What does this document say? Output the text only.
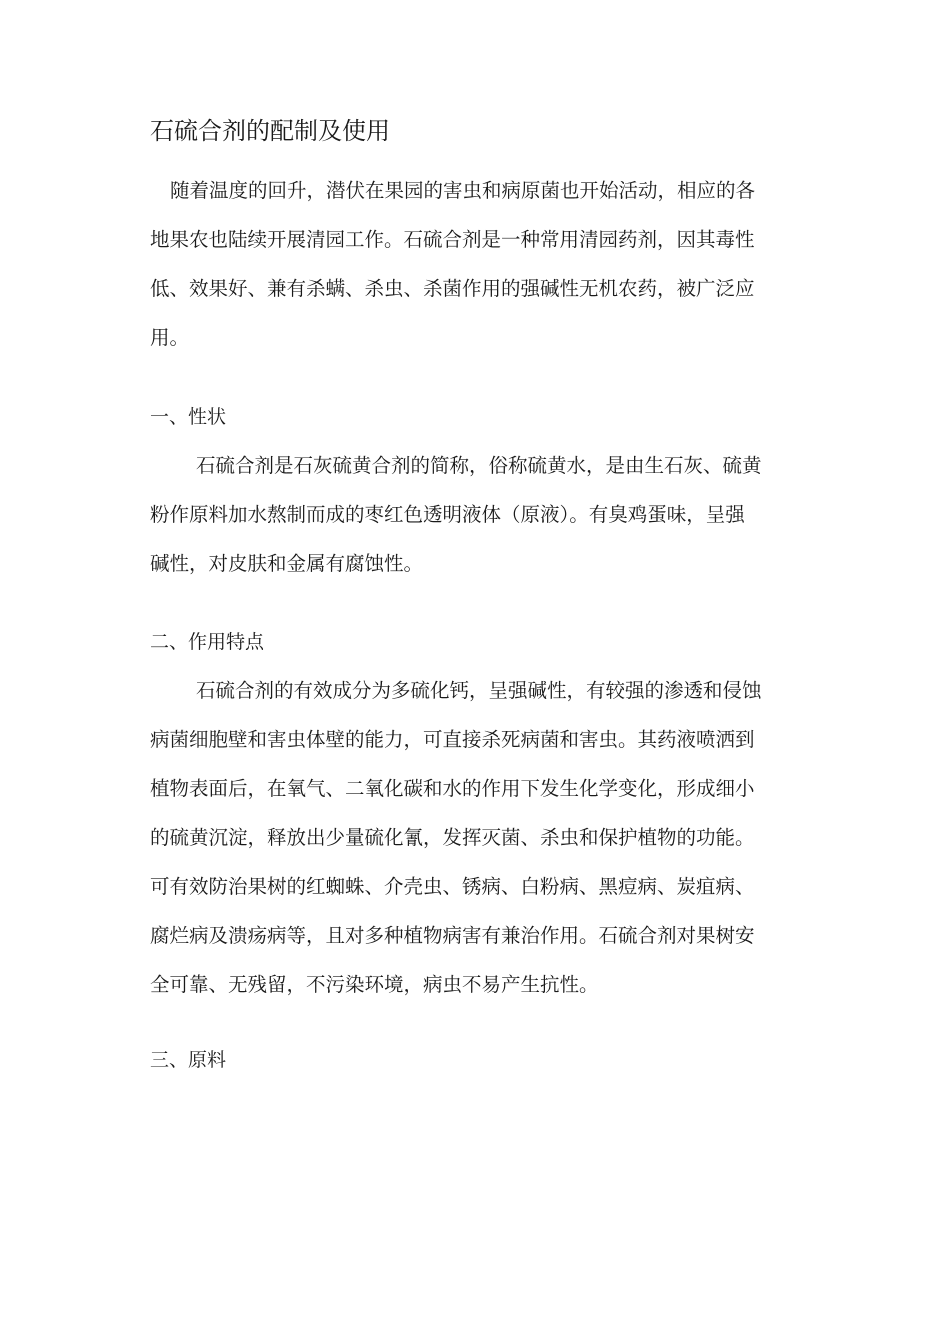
石硫合剂的配制及使用
随着温度的回升，潜伏在果园的害虫和病原菌也开始活动，相应的各
地果农也陆续开展清园工作。石硫合剂是一种常用清园药剂，因其毒性
低、效果好、兼有杀螨、杀虫、杀菌作用的强碱性无机农药，被广泛应
用。
一、性状
石硫合剂是石灰硫黄合剂的简称，俗称硫黄水，是由生石灰、硫黄
粉作原料加水熬制而成的枣红色透明液体（原液）。有臭鸡蛋味，呈强
碱性，对皮肤和金属有腐蚀性。
二、作用特点
石硫合剂的有效成分为多硫化钙，呈强碱性，有较强的渗透和侵蚀
病菌细胞壁和害虫体壁的能力，可直接杀死病菌和害虫。其药液喷洒到
植物表面后，在氧气、二氧化碳和水的作用下发生化学变化，形成细小
的硫黄沉淀，释放出少量硫化氰，发挥灭菌、杀虫和保护植物的功能。
可有效防治果树的红蜘蛛、介壳虫、锈病、白粉病、黑痘病、炭疽病、
腐烂病及溃疡病等，且对多种植物病害有兼治作用。石硫合剂对果树安
全可靠、无残留，不污染环境，病虫不易产生抗性。
三、原料
